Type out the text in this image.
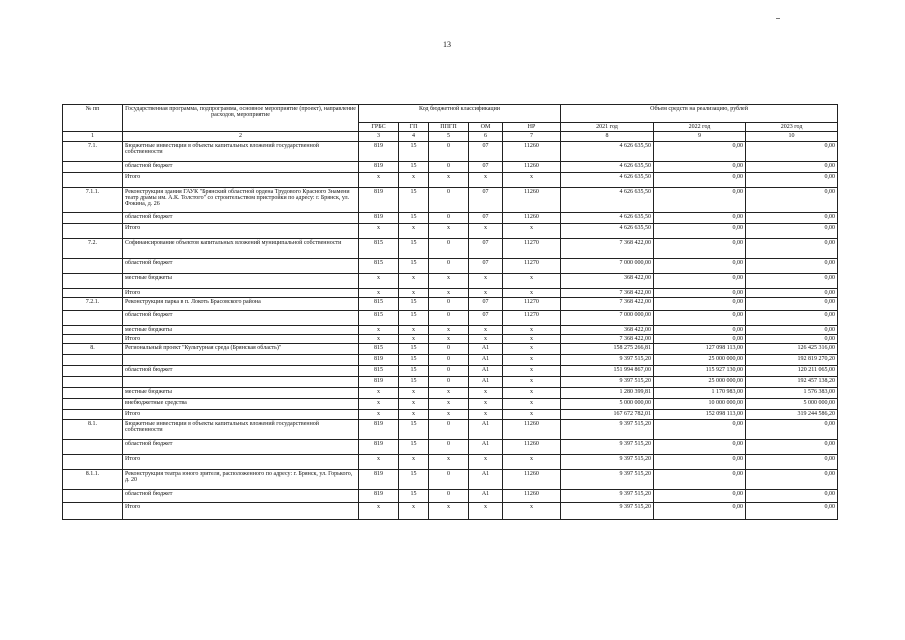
13
№ пп	Государственная программа, подпрограмма, основное мероприятие (проект), направление расходов, мероприятие	Код бюджетной классификации					Объем средств на реализацию, рублей		
		ГРБС	ГП	ППГП	ОМ	НР	2021 год	2022 год	2023 год
1	2	3	4	5	6	7	8	9	10
7.1.	Бюджетные инвестиции в объекты капитальных вложений государственной собственности	819	15	0	07	11260	4 626 635,50	0,00	0,00
	областной бюджет	819	15	0	07	11260	4 626 635,50	0,00	0,00
	Итого	х	х	х	х	х	4 626 635,50	0,00	0,00
7.1.1.	Реконструкция здания ГАУК "Брянский областной ордена Трудового Красного Знамени театр драмы им. А.К. Толстого" со строительством пристройки по адресу: г. Брянск, ул. Фокина, д. 26	819	15	0	07	11260	4 626 635,50	0,00	0,00
	областной бюджет	819	15	0	07	11260	4 626 635,50	0,00	0,00
	Итого	х	х	х	х	х	4 626 635,50	0,00	0,00
7.2.	Софинансирование объектов капитальных вложений муниципальной собственности	815	15	0	07	11270	7 368 422,00	0,00	0,00
	областной бюджет	815	15	0	07	11270	7 000 000,00	0,00	0,00
	местные бюджеты	х	х	х	х	х	368 422,00	0,00	0,00
	Итого	х	х	х	х	х	7 368 422,00	0,00	0,00
7.2.1.	Реконструкция парка в п. Локоть Брасовского района	815	15	0	07	11270	7 368 422,00	0,00	0,00
	областной бюджет	815	15	0	07	11270	7 000 000,00	0,00	0,00
	местные бюджеты	х	х	х	х	х	368 422,00	0,00	0,00
	Итого	х	х	х	х	х	7 368 422,00	0,00	0,00
8.	Региональный проект "Культурная среда (Брянская область)"	815	15	0	А1	х	158 275 266,81	127 098 113,00	126 425 316,00
		819	15	0	А1	х	9 397 515,20	25 000 000,00	192 819 270,20
	областной бюджет	815	15	0	А1	х	151 994 867,00	115 927 130,00	120 211 065,00
		819	15	0	А1	х	9 397 515,20	25 000 000,00	192 457 138,20
	местные бюджеты	х	х	х	х	х	1 280 399,81	1 170 983,00	1 576 383,00
	внебюджетные средства	х	х	х	х	х	5 000 000,00	10 000 000,00	5 000 000,00
	Итого	х	х	х	х	х	167 672 782,01	152 098 113,00	319 244 586,20
8.1.	Бюджетные инвестиции в объекты капитальных вложений государственной собственности	819	15	0	А1	11260	9 397 515,20	0,00	0,00
	областной бюджет	819	15	0	А1	11260	9 397 515,20	0,00	0,00
	Итого	х	х	х	х	х	9 397 515,20	0,00	0,00
8.1.1.	Реконструкция театра юного зрителя, расположенного по адресу: г. Брянск, ул. Горького, д. 20	819	15	0	А1	11260	9 397 515,20	0,00	0,00
	областной бюджет	819	15	0	А1	11260	9 397 515,20	0,00	0,00
	Итого	х	х	х	х	х	9 397 515,20	0,00	0,00
